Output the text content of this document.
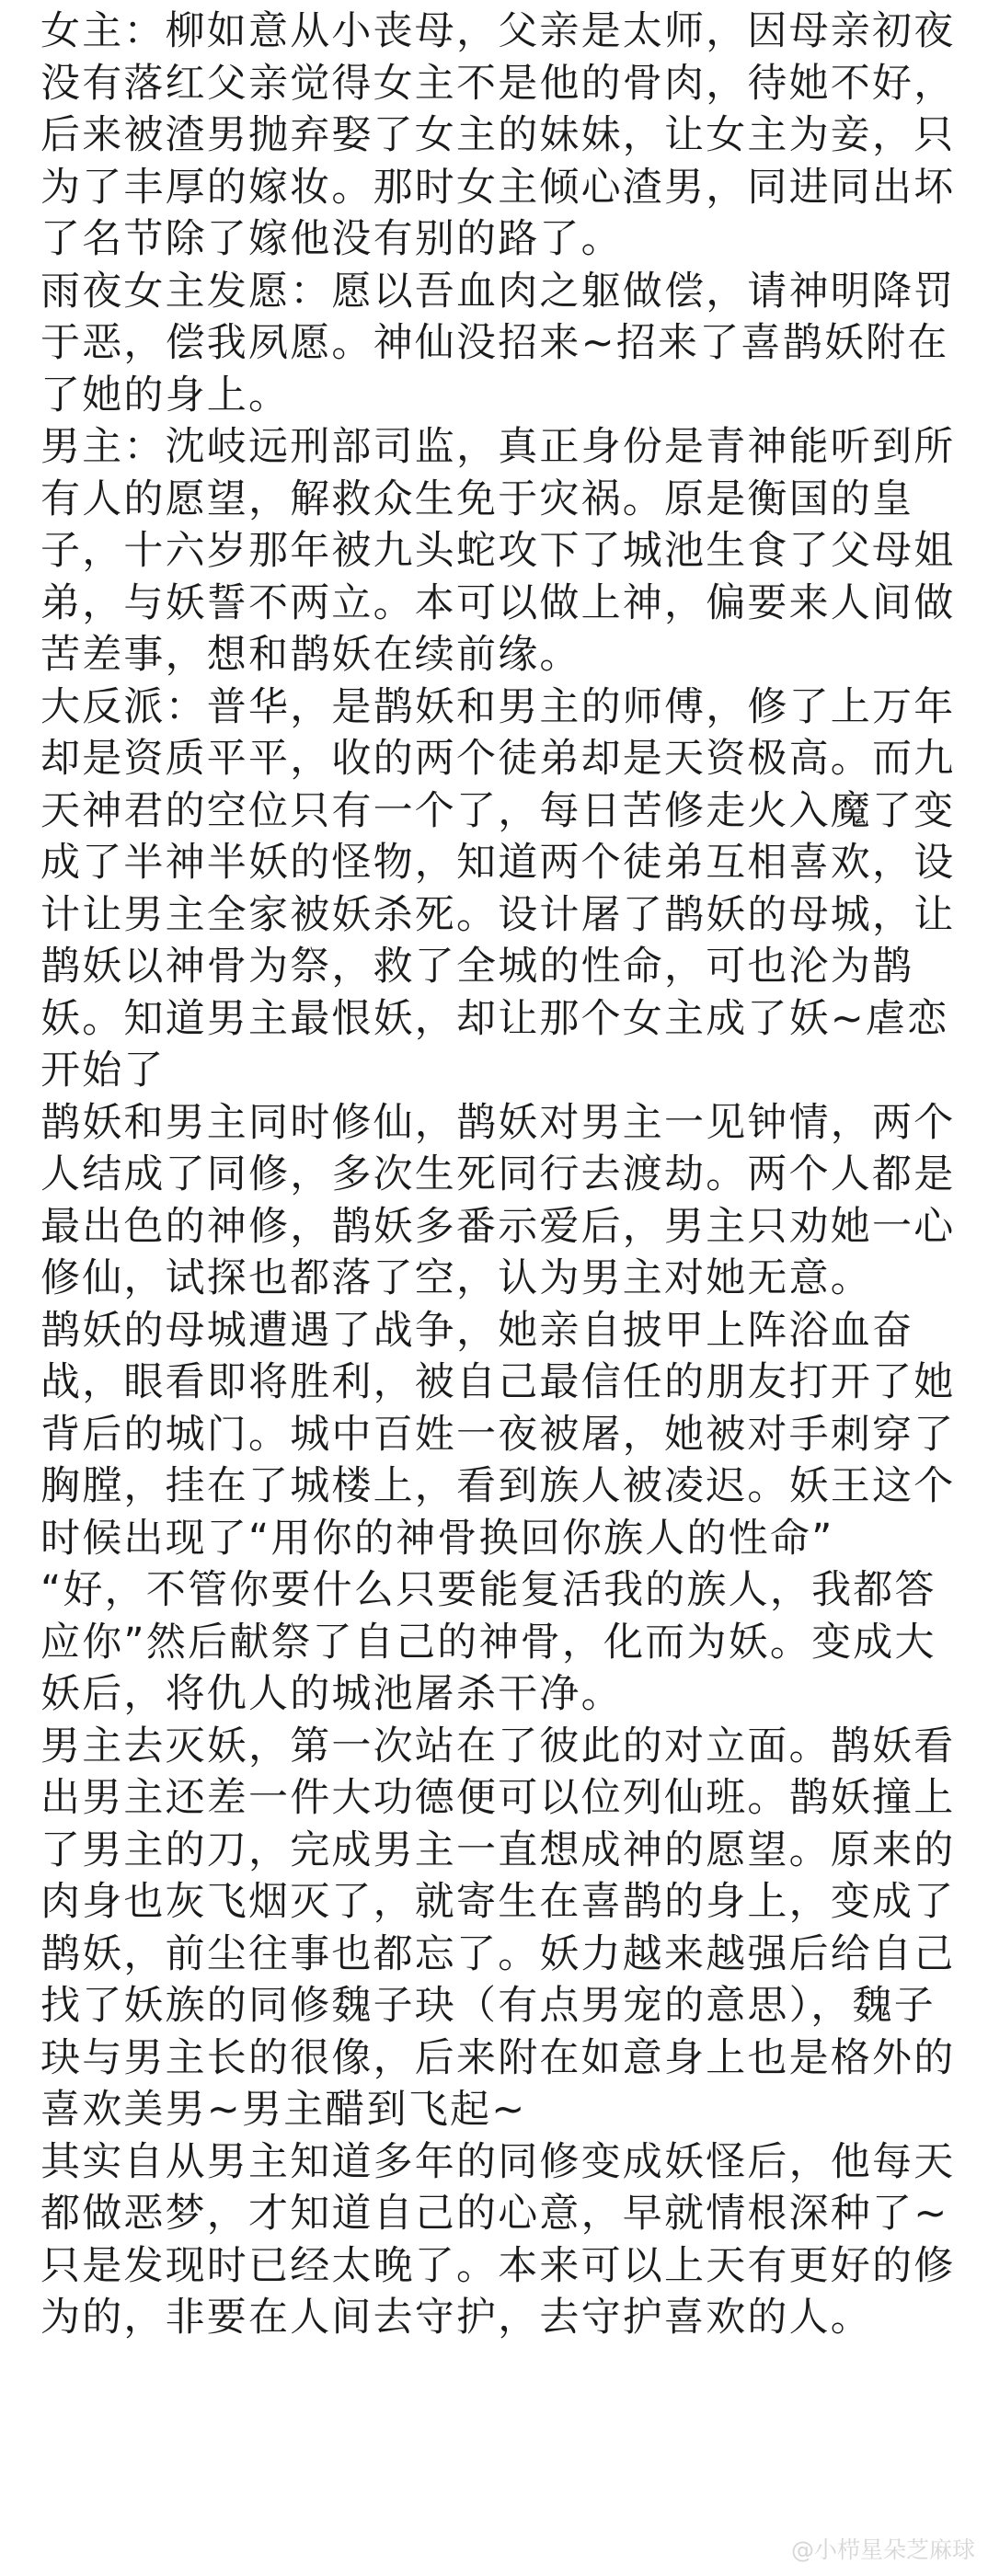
女主：柳如意从小丧母，父亲是太师，因母亲初夜
没有落红父亲觉得女主不是他的骨肉，待她不好，
后来被渣男抛弃娶了女主的妹妹，让女主为妾，只
为了丰厚的嫁妆。那时女主倾心渣男，同进同出坏
了名节除了嫁他没有别的路了。
雨夜女主发愿：愿以吾血肉之躯做偿，请神明降罚
于恶，偿我夙愿。神仙没招来~招来了喜鹊妖附在
了她的身上。
男主：沈岐远刑部司监，真正身份是青神能听到所
有人的愿望，解救众生免于灾祸。原是衡国的皇
子，十六岁那年被九头蛇攻下了城池生食了父母姐
弟，与妖誓不两立。本可以做上神，偏要来人间做
苦差事，想和鹊妖在续前缘。
大反派：普华，是鹊妖和男主的师傅，修了上万年
却是资质平平，收的两个徒弟却是天资极高。而九
天神君的空位只有一个了，每日苦修走火入魔了变
成了半神半妖的怪物，知道两个徒弟互相喜欢，设
计让男主全家被妖杀死。设计屠了鹊妖的母城，让
鹊妖以神骨为祭，救了全城的性命，可也沦为鹊
妖。知道男主最恨妖，却让那个女主成了妖~虐恋
开始了
鹊妖和男主同时修仙，鹊妖对男主一见钟情，两个
人结成了同修，多次生死同行去渡劫。两个人都是
最出色的神修，鹊妖多番示爱后，男主只劝她一心
修仙，试探也都落了空，认为男主对她无意。
鹊妖的母城遭遇了战争，她亲自披甲上阵浴血奋
战，眼看即将胜利，被自己最信任的朋友打开了她
背后的城门。城中百姓一夜被屠，她被对手刺穿了
胸膛，挂在了城楼上，看到族人被凌迟。妖王这个
时候出现了“用你的神骨换回你族人的性命”
“好，不管你要什么只要能复活我的族人，我都答
应你”然后献祭了自己的神骨，化而为妖。变成大
妖后，将仇人的城池屠杀干净。
男主去灭妖，第一次站在了彼此的对立面。鹊妖看
出男主还差一件大功德便可以位列仙班。鹊妖撞上
了男主的刀，完成男主一直想成神的愿望。原来的
肉身也灰飞烟灭了，就寄生在喜鹊的身上，变成了
鹊妖，前尘往事也都忘了。妖力越来越强后给自己
找了妖族的同修魏子玦（有点男宠的意思），魏子
玦与男主长的很像，后来附在如意身上也是格外的
喜欢美男~男主醋到飞起~
其实自从男主知道多年的同修变成妖怪后，他每天
都做恶梦，才知道自己的心意，早就情根深种了~
只是发现时已经太晚了。本来可以上天有更好的修
为的，非要在人间去守护，去守护喜欢的人。
@小栉星朵芝麻球
